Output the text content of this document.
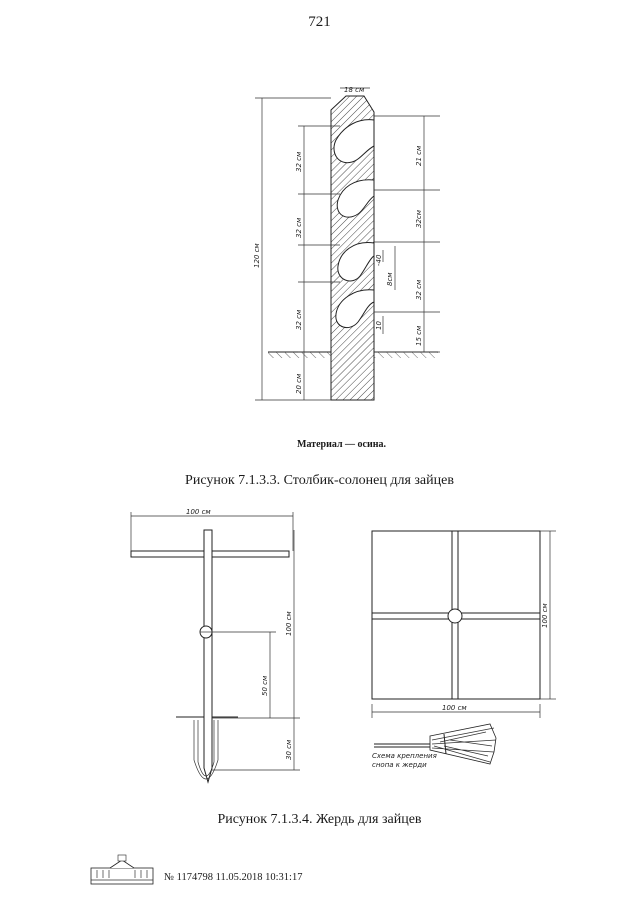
721
18 см
120 см
32 см
32 см
32 см
20 см
21 см
32см
32 см
15 см
8см
-40
10
100 см
100 см
50 см
30 см
100 см
100 см
Схема крепления
снопа к жерди
Материал — осина.
Рисунок 7.1.3.3. Столбик-солонец для зайцев
Рисунок 7.1.3.4. Жердь для зайцев
№ 1174798 11.05.2018 10:31:17
